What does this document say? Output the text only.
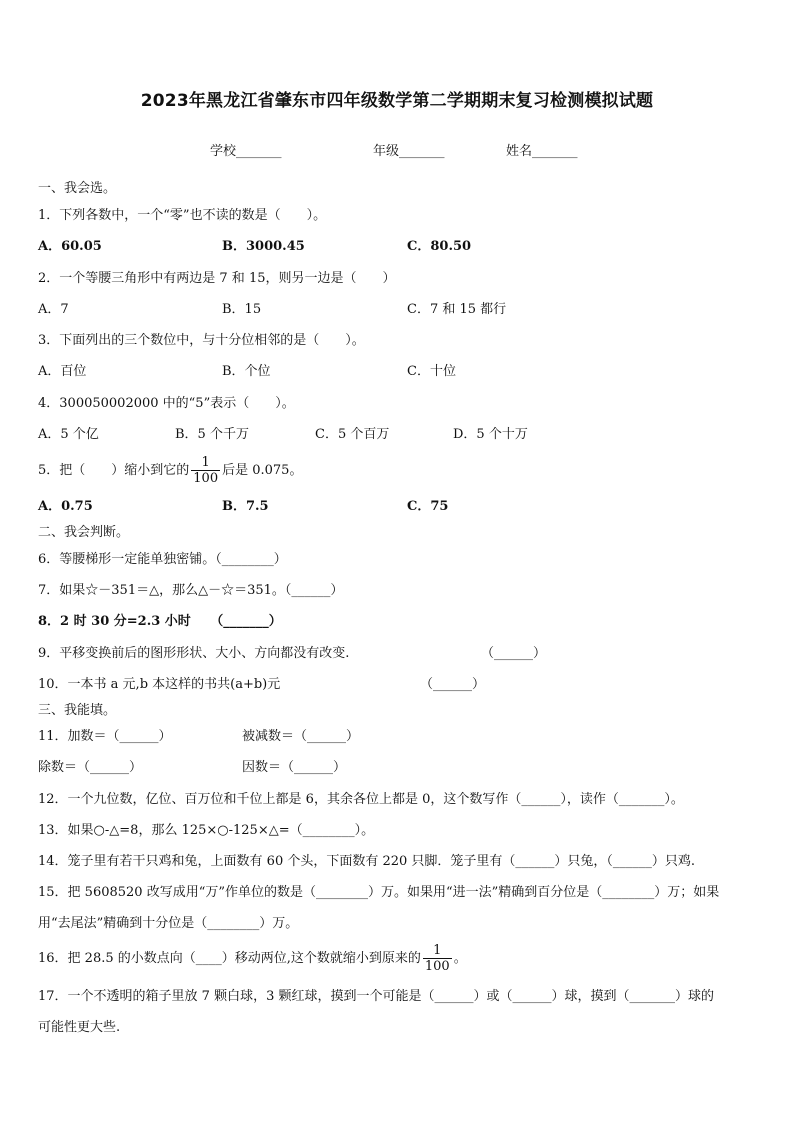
2023年黑龙江省肇东市四年级数学第二学期期末复习检测模拟试题
学校_______	年级_______	姓名_______
一、我会选。
1．下列各数中，一个“零”也不读的数是（　　）。
A．60.05	B．3000.45	C．80.50
2．一个等腰三角形中有两边是 7 和 15，则另一边是（　　）
A．7	B．15	C．7 和 15 都行
3．下面列出的三个数位中，与十分位相邻的是（　　）。
A．百位	B．个位	C．十位
4．300050002000 中的“5”表示（　　）。
A．5 个亿	B．5 个千万	C．5 个百万	D．5 个十万
5．把（　　）缩小到它的 $\frac{1}{100}$ 后是 0.075。
A．0.75	B．7.5	C．75
二、我会判断。
6．等腰梯形一定能单独密铺。（________）
7．如果☆－351＝△，那么△－☆＝351。（______）
8．2 时 30 分=2.3 小时　　（_______）
9．平移变换前后的图形形状、大小、方向都没有改变.	（______）
10．一本书 a 元,b 本这样的书共(a+b)元	（______）
三、我能填。
11．加数＝（______）	被减数＝（______）
除数＝（______）	因数＝（______）
12．一个九位数，亿位、百万位和千位上都是 6，其余各位上都是 0，这个数写作（______），读作（_______）。
13．如果○-△=8，那么 125×○-125×△=（________）。
14．笼子里有若干只鸡和兔，上面数有 60 个头，下面数有 220 只脚．笼子里有（______）只兔，（______）只鸡.
15．把 5608520 改写成用“万”作单位的数是（________）万。如果用“进一法”精确到百分位是（________）万；如果
用“去尾法”精确到十分位是（________）万。
16．把 28.5 的小数点向（____）移动两位,这个数就缩小到原来的 $\frac{1}{100}$ 。
17．一个不透明的箱子里放 7 颗白球，3 颗红球，摸到一个可能是（______）或（______）球，摸到（_______）球的
可能性更大些.
